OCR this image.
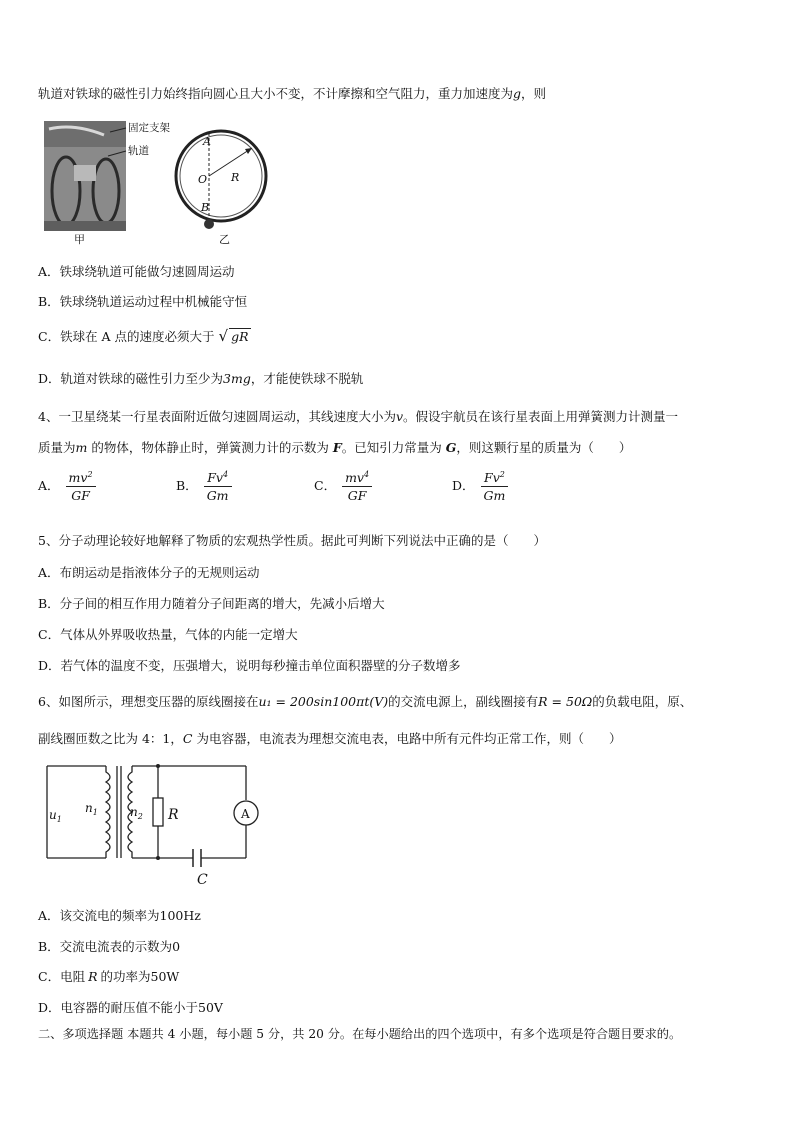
轨道对铁球的磁性引力始终指向圆心且大小不变，不计摩擦和空气阻力，重力加速度为g，则
固定支架
轨道
甲
A
O
B
R
乙
A．铁球绕轨道可能做匀速圆周运动
B．铁球绕轨道运动过程中机械能守恒
C．铁球在 A 点的速度必须大于 √ gR
D．轨道对铁球的磁性引力至少为3mg，才能使铁球不脱轨
4、一卫星绕某一行星表面附近做匀速圆周运动，其线速度大小为v。假设宇航员在该行星表面上用弹簧测力计测量一
质量为m 的物体，物体静止时，弹簧测力计的示数为 F。已知引力常量为 G，则这颗行星的质量为（　　）
A． $\frac{mv^2}{GF}$	B． $\frac{Fv^4}{Gm}$	C． $\frac{mv^4}{GF}$	D． $\frac{Fv^2}{Gm}$
5、分子动理论较好地解释了物质的宏观热学性质。据此可判断下列说法中正确的是（　　）
A．布朗运动是指液体分子的无规则运动
B．分子间的相互作用力随着分子间距离的增大，先减小后增大
C．气体从外界吸收热量，气体的内能一定增大
D．若气体的温度不变，压强增大，说明每秒撞击单位面积器壁的分子数增多
6、如图所示，理想变压器的原线圈接在u₁ = 200sin100πt(V)的交流电源上，副线圈接有R = 50Ω的负载电阻，原、
副线圈匝数之比为 4：1，C 为电容器，电流表为理想交流电表，电路中所有元件均正常工作，则（　　）
$u_1$
$n_1$	$n_2$ R
C
A
A．该交流电的频率为100Hz
B．交流电流表的示数为0
C．电阻 R 的功率为50W
D．电容器的耐压值不能小于50V
二、多项选择题 本题共 4 小题，每小题 5 分，共 20 分。在每小题给出的四个选项中，有多个选项是符合题目要求的。
